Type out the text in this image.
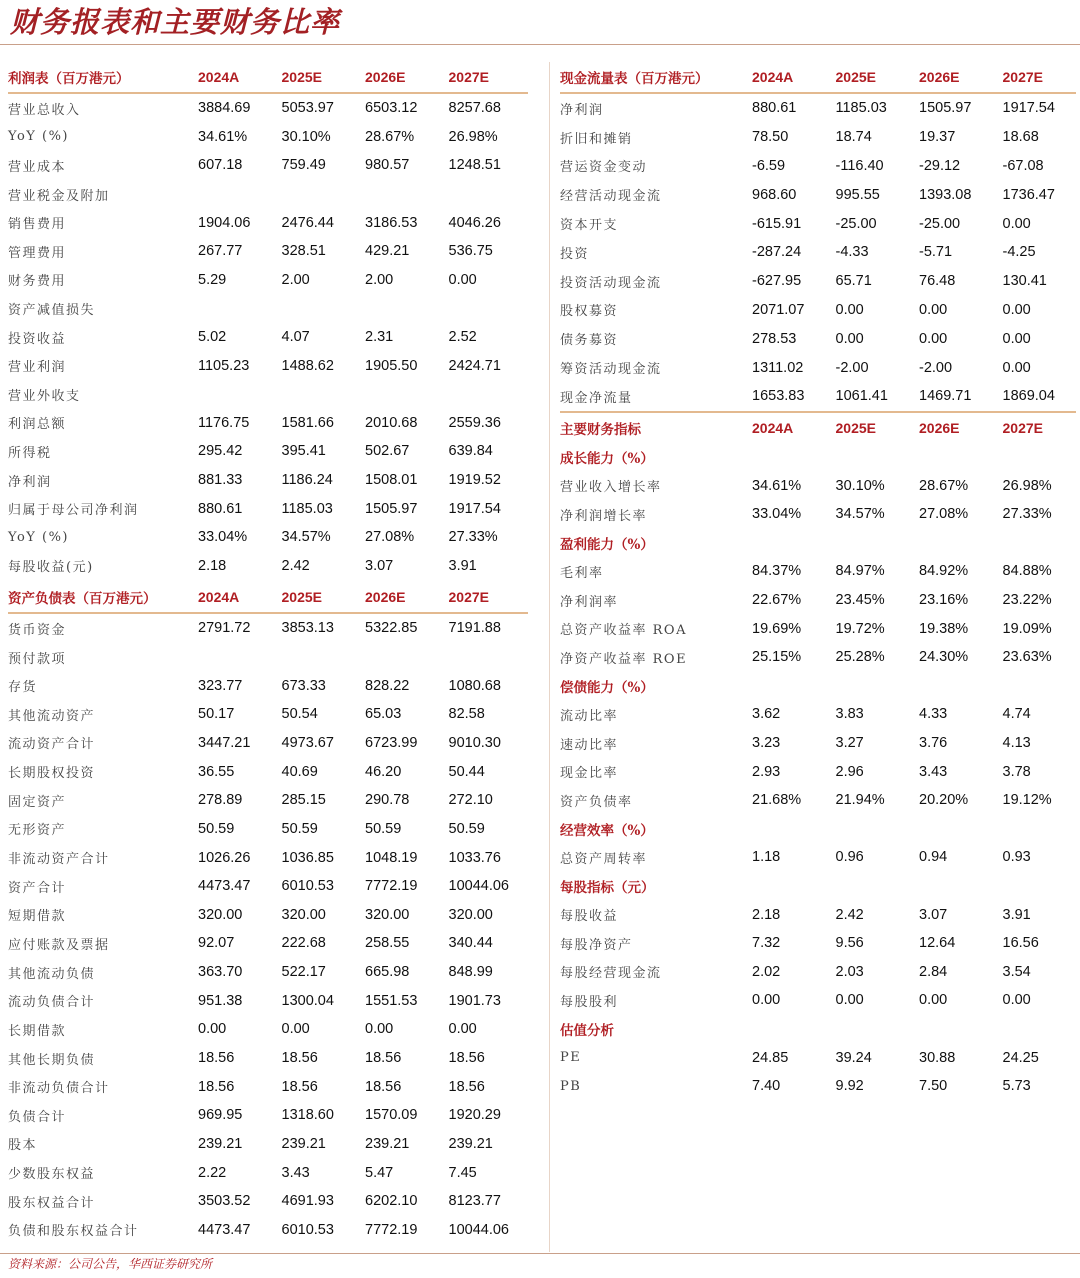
财务报表和主要财务比率
利润表（百万港元）	2024A	2025E	2026E	2027E
营业总收入	3884.69	5053.97	6503.12	8257.68
YoY (%)	34.61%	30.10%	28.67%	26.98%
营业成本	607.18	759.49	980.57	1248.51
营业税金及附加
销售费用	1904.06	2476.44	3186.53	4046.26
管理费用	267.77	328.51	429.21	536.75
财务费用	5.29	2.00	2.00	0.00
资产减值损失
投资收益	5.02	4.07	2.31	2.52
营业利润	1105.23	1488.62	1905.50	2424.71
营业外收支
利润总额	1176.75	1581.66	2010.68	2559.36
所得税	295.42	395.41	502.67	639.84
净利润	881.33	1186.24	1508.01	1919.52
归属于母公司净利润	880.61	1185.03	1505.97	1917.54
YoY (%)	33.04%	34.57%	27.08%	27.33%
每股收益(元)	2.18	2.42	3.07	3.91
资产负债表（百万港元）	2024A	2025E	2026E	2027E
货币资金	2791.72	3853.13	5322.85	7191.88
预付款项
存货	323.77	673.33	828.22	1080.68
其他流动资产	50.17	50.54	65.03	82.58
流动资产合计	3447.21	4973.67	6723.99	9010.30
长期股权投资	36.55	40.69	46.20	50.44
固定资产	278.89	285.15	290.78	272.10
无形资产	50.59	50.59	50.59	50.59
非流动资产合计	1026.26	1036.85	1048.19	1033.76
资产合计	4473.47	6010.53	7772.19	10044.06
短期借款	320.00	320.00	320.00	320.00
应付账款及票据	92.07	222.68	258.55	340.44
其他流动负债	363.70	522.17	665.98	848.99
流动负债合计	951.38	1300.04	1551.53	1901.73
长期借款	0.00	0.00	0.00	0.00
其他长期负债	18.56	18.56	18.56	18.56
非流动负债合计	18.56	18.56	18.56	18.56
负债合计	969.95	1318.60	1570.09	1920.29
股本	239.21	239.21	239.21	239.21
少数股东权益	2.22	3.43	5.47	7.45
股东权益合计	3503.52	4691.93	6202.10	8123.77
负债和股东权益合计	4473.47	6010.53	7772.19	10044.06
现金流量表（百万港元）	2024A	2025E	2026E	2027E
净利润	880.61	1185.03	1505.97	1917.54
折旧和摊销	78.50	18.74	19.37	18.68
营运资金变动	-6.59	-116.40	-29.12	-67.08
经营活动现金流	968.60	995.55	1393.08	1736.47
资本开支	-615.91	-25.00	-25.00	0.00
投资	-287.24	-4.33	-5.71	-4.25
投资活动现金流	-627.95	65.71	76.48	130.41
股权募资	2071.07	0.00	0.00	0.00
债务募资	278.53	0.00	0.00	0.00
筹资活动现金流	1311.02	-2.00	-2.00	0.00
现金净流量	1653.83	1061.41	1469.71	1869.04
主要财务指标	2024A	2025E	2026E	2027E
成长能力（%）
营业收入增长率	34.61%	30.10%	28.67%	26.98%
净利润增长率	33.04%	34.57%	27.08%	27.33%
盈利能力（%）
毛利率	84.37%	84.97%	84.92%	84.88%
净利润率	22.67%	23.45%	23.16%	23.22%
总资产收益率 ROA	19.69%	19.72%	19.38%	19.09%
净资产收益率 ROE	25.15%	25.28%	24.30%	23.63%
偿债能力（%）
流动比率	3.62	3.83	4.33	4.74
速动比率	3.23	3.27	3.76	4.13
现金比率	2.93	2.96	3.43	3.78
资产负债率	21.68%	21.94%	20.20%	19.12%
经营效率（%）
总资产周转率	1.18	0.96	0.94	0.93
每股指标（元）
每股收益	2.18	2.42	3.07	3.91
每股净资产	7.32	9.56	12.64	16.56
每股经营现金流	2.02	2.03	2.84	3.54
每股股利	0.00	0.00	0.00	0.00
估值分析
PE	24.85	39.24	30.88	24.25
PB	7.40	9.92	7.50	5.73
资料来源：公司公告，华西证券研究所
